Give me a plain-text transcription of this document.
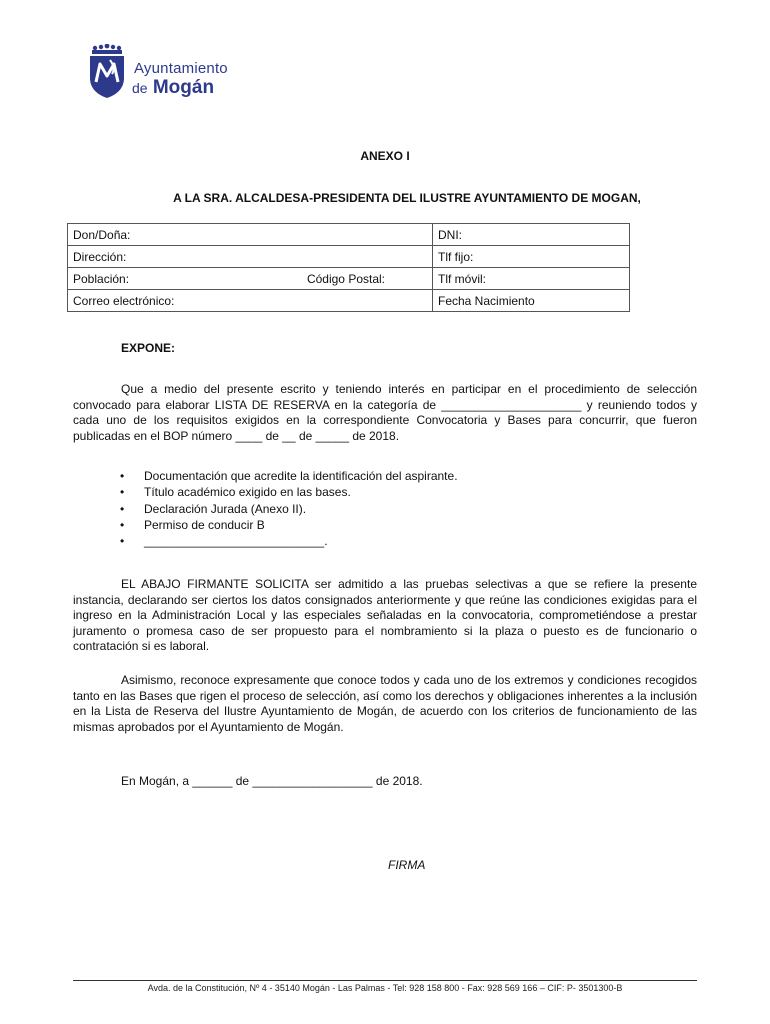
Ayuntamiento
de Mogán
ANEXO I
A LA SRA. ALCALDESA-PRESIDENTA DEL ILUSTRE AYUNTAMIENTO DE MOGAN,
Don/Doña:	DNI:
Dirección:	Tlf fijo:
Población: Código Postal:	Tlf móvil:
Correo electrónico:	Fecha Nacimiento
EXPONE:

Que a medio del presente escrito y teniendo interés en participar en el procedimiento de selección convocado para elaborar LISTA DE RESERVA en la categoría de _____________________ y reuniendo todos y cada uno de los requisitos exigidos en la correspondiente Convocatoria y Bases para concurrir, que fueron publicadas en el BOP número ____ de __ de _____ de 2018.

• Documentación que acredite la identificación del aspirante.
• Título académico exigido en las bases.
• Declaración Jurada (Anexo II).
• Permiso de conducir B
• ___________________________.

EL ABAJO FIRMANTE SOLICITA ser admitido a las pruebas selectivas a que se refiere la presente instancia, declarando ser ciertos los datos consignados anteriormente y que reúne las condiciones exigidas para el ingreso en la Administración Local y las especiales señaladas en la convocatoria, comprometiéndose a prestar juramento o promesa caso de ser propuesto para el nombramiento si la plaza o puesto es de funcionario o contratación si es laboral.

Asimismo, reconoce expresamente que conoce todos y cada uno de los extremos y condiciones recogidos tanto en las Bases que rigen el proceso de selección, así como los derechos y obligaciones inherentes a la inclusión en la Lista de Reserva del Ilustre Ayuntamiento de Mogán, de acuerdo con los criterios de funcionamiento de las mismas aprobados por el Ayuntamiento de Mogán.

En Mogán, a ______ de __________________ de 2018.
FIRMA
Avda. de la Constitución, Nº 4 - 35140 Mogán - Las Palmas - Tel: 928 158 800 - Fax: 928 569 166 – CIF: P- 3501300-B
